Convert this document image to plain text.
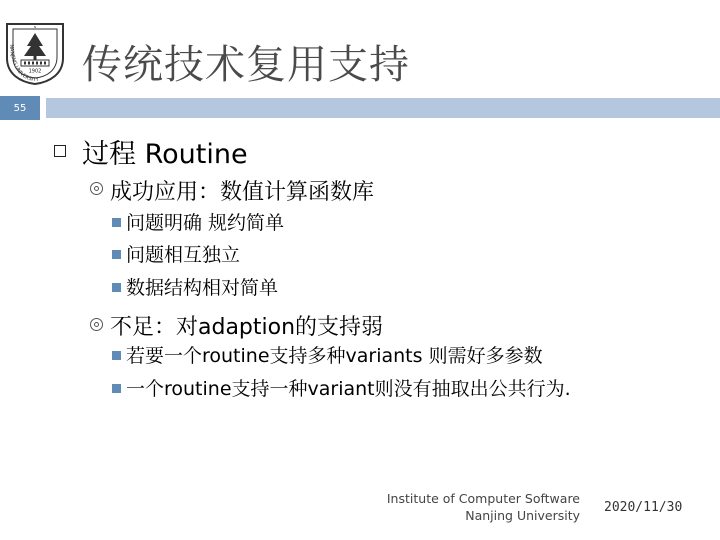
N
NANJING UNIVERSITY
1902 传统技术复用支持
55
过程 Routine
成功应用：数值计算函数库
问题明确 规约简单
问题相互独立
数据结构相对简单
不足：对adaption的支持弱
若要一个routine支持多种variants 则需好多参数
一个routine支持一种variant则没有抽取出公共行为.
Institute of Computer Software
Nanjing University
2020/11/30
